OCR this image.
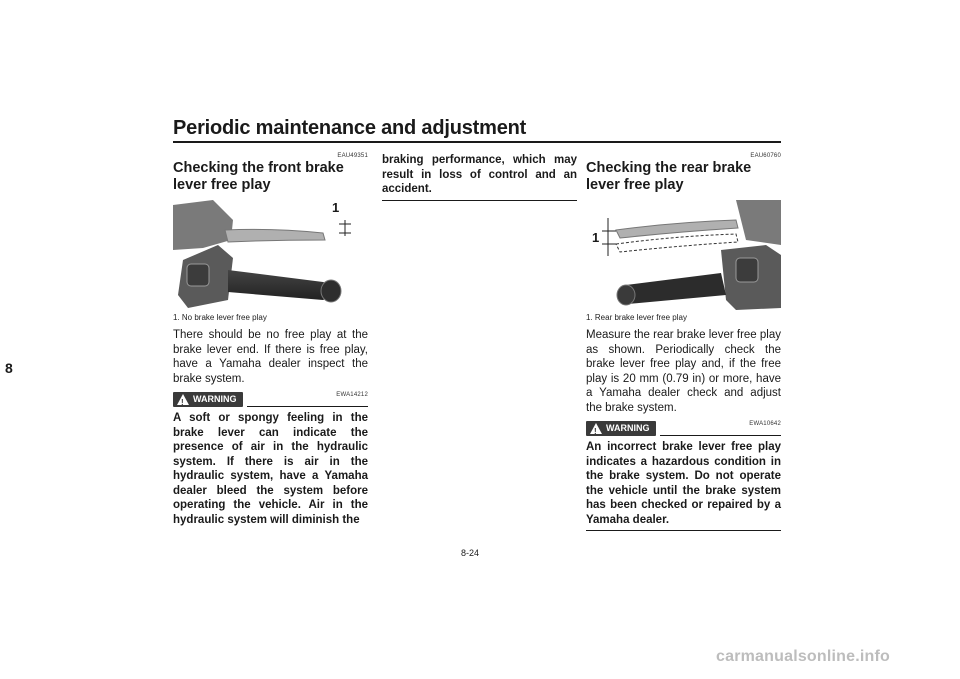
Periodic maintenance and adjustment
8
EAU49351
Checking the front brake lever free play
1
1. No brake lever free play
There should be no free play at the brake lever end. If there is free play, have a Yamaha dealer inspect the brake system.
EWA14212
!
WARNING
A soft or spongy feeling in the brake lever can indicate the presence of air in the hydraulic system. If there is air in the hydraulic system, have a Yamaha dealer bleed the system before operating the vehicle. Air in the hydraulic system will diminish the
braking performance, which may result in loss of control and an accident.
EAU60760
Checking the rear brake lever free play
1
1. Rear brake lever free play
Measure the rear brake lever free play as shown. Periodically check the brake lever free play and, if the free play is 20 mm (0.79 in) or more, have a Yamaha dealer check and adjust the brake system.
EWA10642
!
WARNING
An incorrect brake lever free play indicates a hazardous condition in the brake system. Do not operate the vehicle until the brake system has been checked or repaired by a Yamaha dealer.
8-24
carmanualsonline.info
